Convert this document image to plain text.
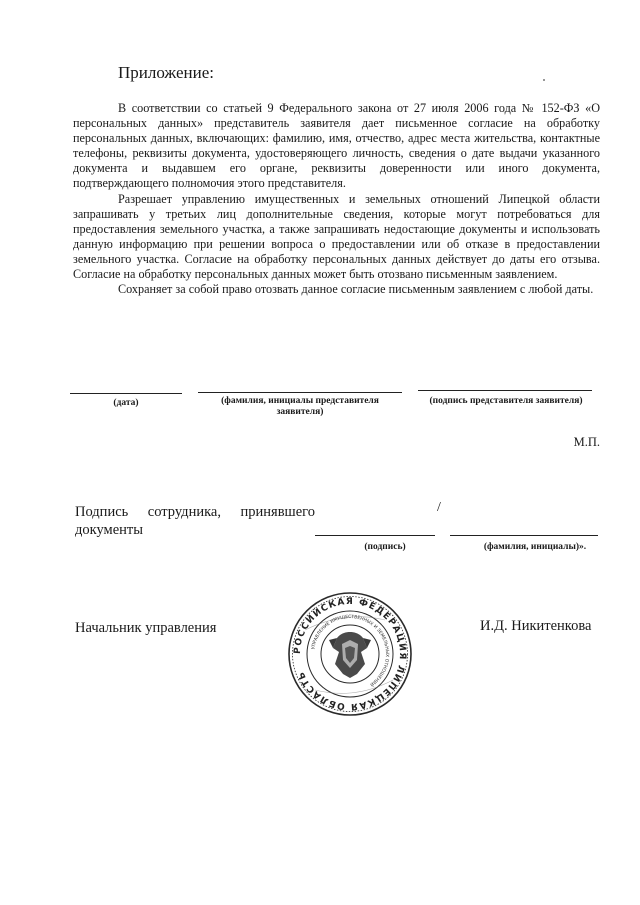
Приложение:

В соответствии со статьей 9 Федерального закона от 27 июля 2006 года № 152-ФЗ «О персональных данных» представитель заявителя дает письменное согласие на обработку персональных данных, включающих: фамилию, имя, отчество, адрес места жительства, контактные телефоны, реквизиты документа, удостоверяющего личность, сведения о дате выдачи указанного документа и выдавшем его органе, реквизиты доверенности или иного документа, подтверждающего полномочия этого представителя.

Разрешает управлению имущественных и земельных отношений Липецкой области запрашивать у третьих лиц дополнительные сведения, которые могут потребоваться для предоставления земельного участка, а также запрашивать недостающие документы и использовать данную информацию при решении вопроса о предоставлении или об отказе в предоставлении земельного участка. Согласие на обработку персональных данных действует до даты его отзыва. Согласие на обработку персональных данных может быть отозвано письменным заявлением.

Сохраняет за собой право отозвать данное согласие письменным заявлением с любой даты.

(дата)	(фамилия, инициалы представителя заявителя)
(подпись представителя заявителя)
М.П.
Подпись сотрудника, принявшего
документы
/
(подпись)	(фамилия, инициалы)».
Начальник управления	И.Д. Никитенкова
РОССИЙСКАЯ ФЕДЕРАЦИЯ ЛИПЕЦКАЯ ОБЛАСТЬ
УПРАВЛЕНИЕ ИМУЩЕСТВЕННЫХ И ЗЕМЕЛЬНЫХ ОТНОШЕНИЙ
